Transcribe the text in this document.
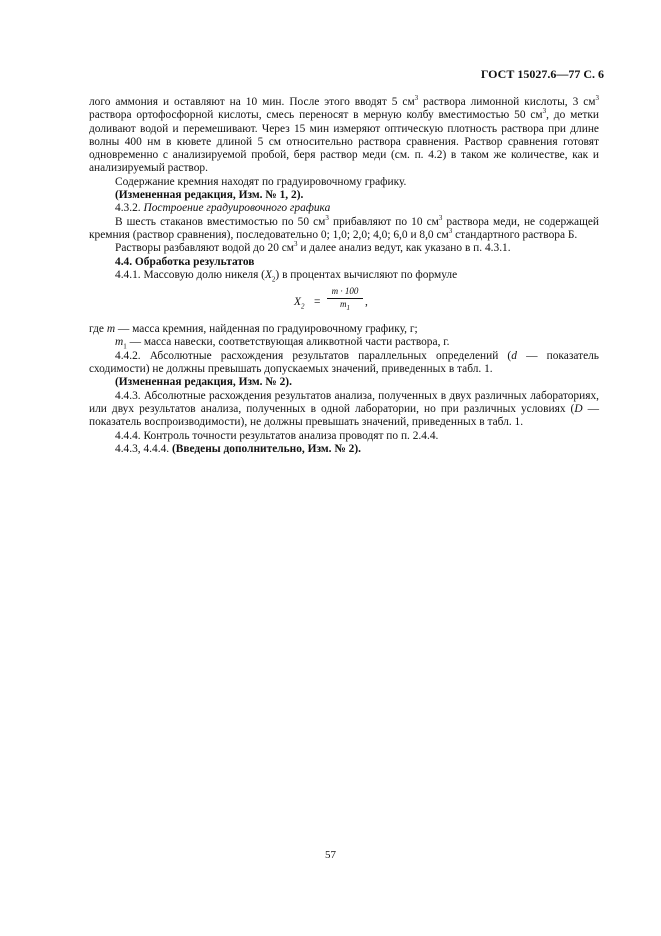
ГОСТ 15027.6—77 С. 6

лого аммония и оставляют на 10 мин. После этого вводят 5 $см^3$ раствора лимонной кислоты, 3 $см^3$ раствора ортофосфорной кислоты, смесь переносят в мерную колбу вместимостью 50 $см^3$, до метки доливают водой и перемешивают. Через 15 мин измеряют оптическую плотность раствора при длине волны 400 нм в кювете длиной 5 см относительно раствора сравнения. Раствор сравнения готовят одновременно с анализируемой пробой, беря раствор меди (см. п. 4.2) в таком же количестве, как и анализируемый раствор.

Содержание кремния находят по градуировочному графику.

(Измененная редакция, Изм. № 1, 2).

4.3.2. Построение градуировочного графика

В шесть стаканов вместимостью по 50 $см^3$ прибавляют по 10 $см^3$ раствора меди, не содержащей кремния (раствор сравнения), последовательно 0; 1,0; 2,0; 4,0; 6,0 и 8,0 $см^3$ стандартного раствора Б.

Растворы разбавляют водой до 20 $см^3$ и далее анализ ведут, как указано в п. 4.3.1.

4.4. Обработка результатов

4.4.1. Массовую долю никеля $(X_2)$ в процентах вычисляют по формуле

$X_2 = \frac{m \cdot 100}{m_1}$ ,

где m — масса кремния, найденная по градуировочному графику, г;

$m_1$ — масса навески, соответствующая аликвотной части раствора, г.

4.4.2. Абсолютные расхождения результатов параллельных определений (d — показатель сходимости) не должны превышать допускаемых значений, приведенных в табл. 1.

(Измененная редакция, Изм. № 2).

4.4.3. Абсолютные расхождения результатов анализа, полученных в двух различных лабораториях, или двух результатов анализа, полученных в одной лаборатории, но при различных условиях (D — показатель воспроизводимости), не должны превышать значений, приведенных в табл. 1.

4.4.4. Контроль точности результатов анализа проводят по п. 2.4.4.

4.4.3, 4.4.4. (Введены дополнительно, Изм. № 2).

57
